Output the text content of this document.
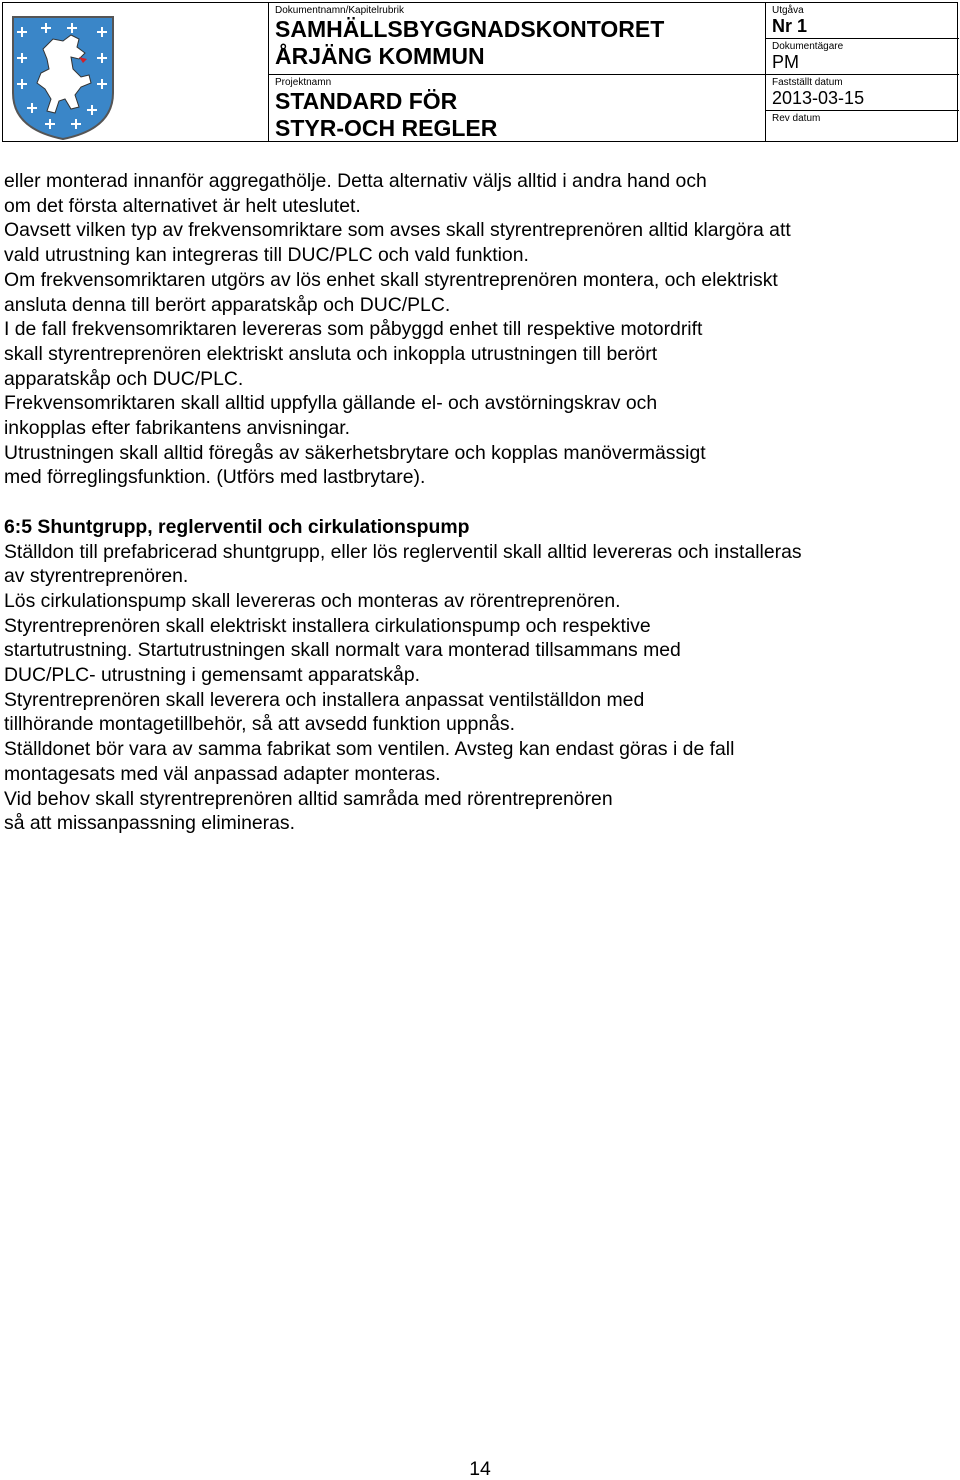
Dokumentnamn/Kapitelrubrik
SAMHÄLLSBYGGNADSKONTORET
ÅRJÄNG KOMMUN
Projektnamn
STANDARD FÖR
STYR-OCH REGLER
Utgåva
Nr 1
Dokumentägare
PM
Fastställt datum
2013-03-15
Rev datum

eller monterad innanför aggregathölje. Detta alternativ väljs alltid i andra hand och

om det första alternativet är helt uteslutet.

Oavsett vilken typ av frekvensomriktare som avses skall styrentreprenören alltid klargöra att

vald utrustning kan integreras till DUC/PLC och vald funktion.

Om frekvensomriktaren utgörs av lös enhet skall styrentreprenören montera, och elektriskt

ansluta denna till berört apparatskåp och DUC/PLC.

I de fall frekvensomriktaren levereras som påbyggd enhet till respektive motordrift

skall styrentreprenören elektriskt ansluta och inkoppla utrustningen till berört

apparatskåp och DUC/PLC.

Frekvensomriktaren skall alltid uppfylla gällande el- och avstörningskrav och

inkopplas efter fabrikantens anvisningar.

Utrustningen skall alltid föregås av säkerhetsbrytare och kopplas manövermässigt

med förreglingsfunktion. (Utförs med lastbrytare).

6:5 Shuntgrupp, reglerventil och cirkulationspump

Ställdon till prefabricerad shuntgrupp, eller lös reglerventil skall alltid levereras och installeras

av styrentreprenören.

Lös cirkulationspump skall levereras och monteras av rörentreprenören.

Styrentreprenören skall elektriskt installera cirkulationspump och respektive

startutrustning. Startutrustningen skall normalt vara monterad tillsammans med

DUC/PLC- utrustning i gemensamt apparatskåp.

Styrentreprenören skall leverera och installera anpassat ventilställdon med

tillhörande montagetillbehör, så att avsedd funktion uppnås.

Ställdonet bör vara av samma fabrikat som ventilen. Avsteg kan endast göras i de fall

montagesats med väl anpassad adapter monteras.

Vid behov skall styrentreprenören alltid samråda med rörentreprenören

så att missanpassning elimineras.

14
